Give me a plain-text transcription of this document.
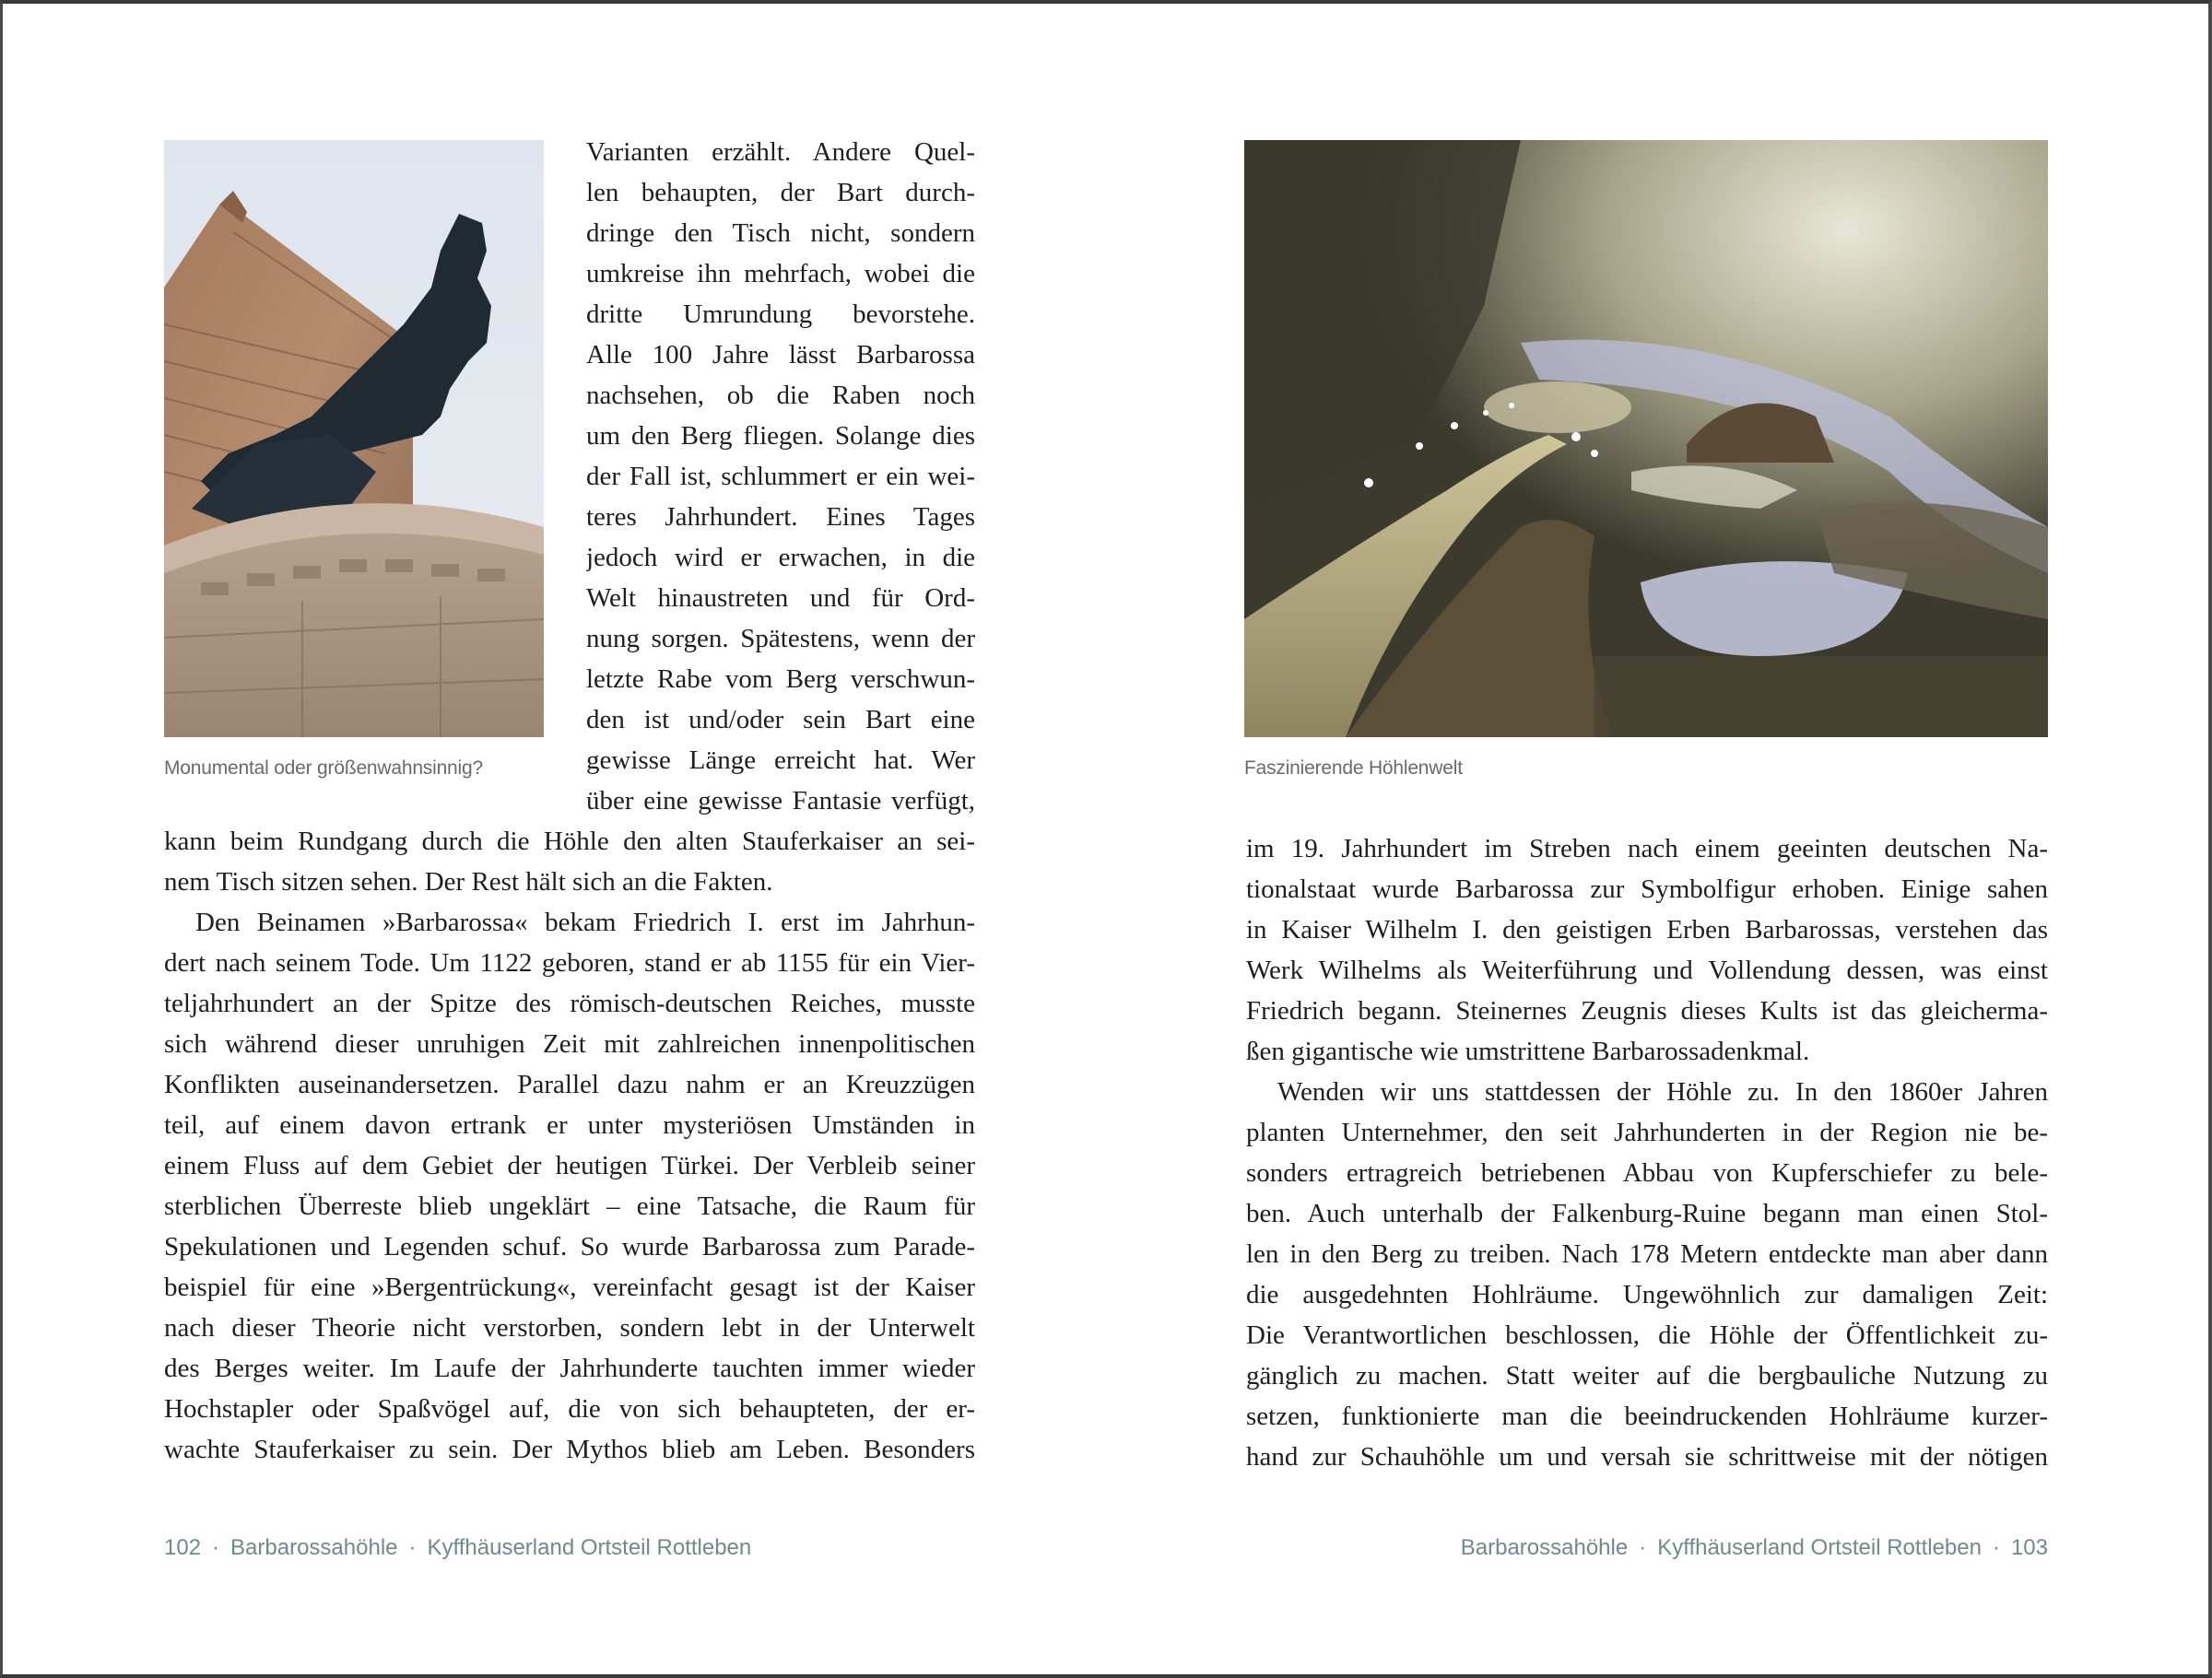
Monumental oder größenwahnsinnig?
Varianten erzählt. Andere Quel-
len behaupten, der Bart durch-
dringe den Tisch nicht, sondern
umkreise ihn mehrfach, wobei die
dritte Umrundung bevorstehe.
Alle 100 Jahre lässt Barbarossa
nachsehen, ob die Raben noch
um den Berg fliegen. Solange dies
der Fall ist, schlummert er ein wei-
teres Jahrhundert. Eines Tages
jedoch wird er erwachen, in die
Welt hinaustreten und für Ord-
nung sorgen. Spätestens, wenn der
letzte Rabe vom Berg verschwun-
den ist und/oder sein Bart eine
gewisse Länge erreicht hat. Wer
über eine gewisse Fantasie verfügt,
kann beim Rundgang durch die Höhle den alten Stauferkaiser an sei-
nem Tisch sitzen sehen. Der Rest hält sich an die Fakten.
Den Beinamen »Barbarossa« bekam Friedrich I. erst im Jahrhun-
dert nach seinem Tode. Um 1122 geboren, stand er ab 1155 für ein Vier-
teljahrhundert an der Spitze des römisch-deutschen Reiches, musste
sich während dieser unruhigen Zeit mit zahlreichen innenpolitischen
Konflikten auseinandersetzen. Parallel dazu nahm er an Kreuzzügen
teil, auf einem davon ertrank er unter mysteriösen Umständen in
einem Fluss auf dem Gebiet der heutigen Türkei. Der Verbleib seiner
sterblichen Überreste blieb ungeklärt – eine Tatsache, die Raum für
Spekulationen und Legenden schuf. So wurde Barbarossa zum Parade-
beispiel für eine »Bergentrückung«, vereinfacht gesagt ist der Kaiser
nach dieser Theorie nicht verstorben, sondern lebt in der Unterwelt
des Berges weiter. Im Laufe der Jahrhunderte tauchten immer wieder
Hochstapler oder Spaßvögel auf, die von sich behaupteten, der er-
wachte Stauferkaiser zu sein. Der Mythos blieb am Leben. Besonders
102 · Barbarossahöhle · Kyffhäuserland Ortsteil Rottleben
Faszinierende Höhlenwelt
im 19. Jahrhundert im Streben nach einem geeinten deutschen Na-
tionalstaat wurde Barbarossa zur Symbolfigur erhoben. Einige sahen
in Kaiser Wilhelm I. den geistigen Erben Barbarossas, verstehen das
Werk Wilhelms als Weiterführung und Vollendung dessen, was einst
Friedrich begann. Steinernes Zeugnis dieses Kults ist das gleicherma-
ßen gigantische wie umstrittene Barbarossadenkmal.
Wenden wir uns stattdessen der Höhle zu. In den 1860er Jahren
planten Unternehmer, den seit Jahrhunderten in der Region nie be-
sonders ertragreich betriebenen Abbau von Kupferschiefer zu bele-
ben. Auch unterhalb der Falkenburg-Ruine begann man einen Stol-
len in den Berg zu treiben. Nach 178 Metern entdeckte man aber dann
die ausgedehnten Hohlräume. Ungewöhnlich zur damaligen Zeit:
Die Verantwortlichen beschlossen, die Höhle der Öffentlichkeit zu-
gänglich zu machen. Statt weiter auf die bergbauliche Nutzung zu
setzen, funktionierte man die beeindruckenden Hohlräume kurzer-
hand zur Schauhöhle um und versah sie schrittweise mit der nötigen
Barbarossahöhle · Kyffhäuserland Ortsteil Rottleben · 103
